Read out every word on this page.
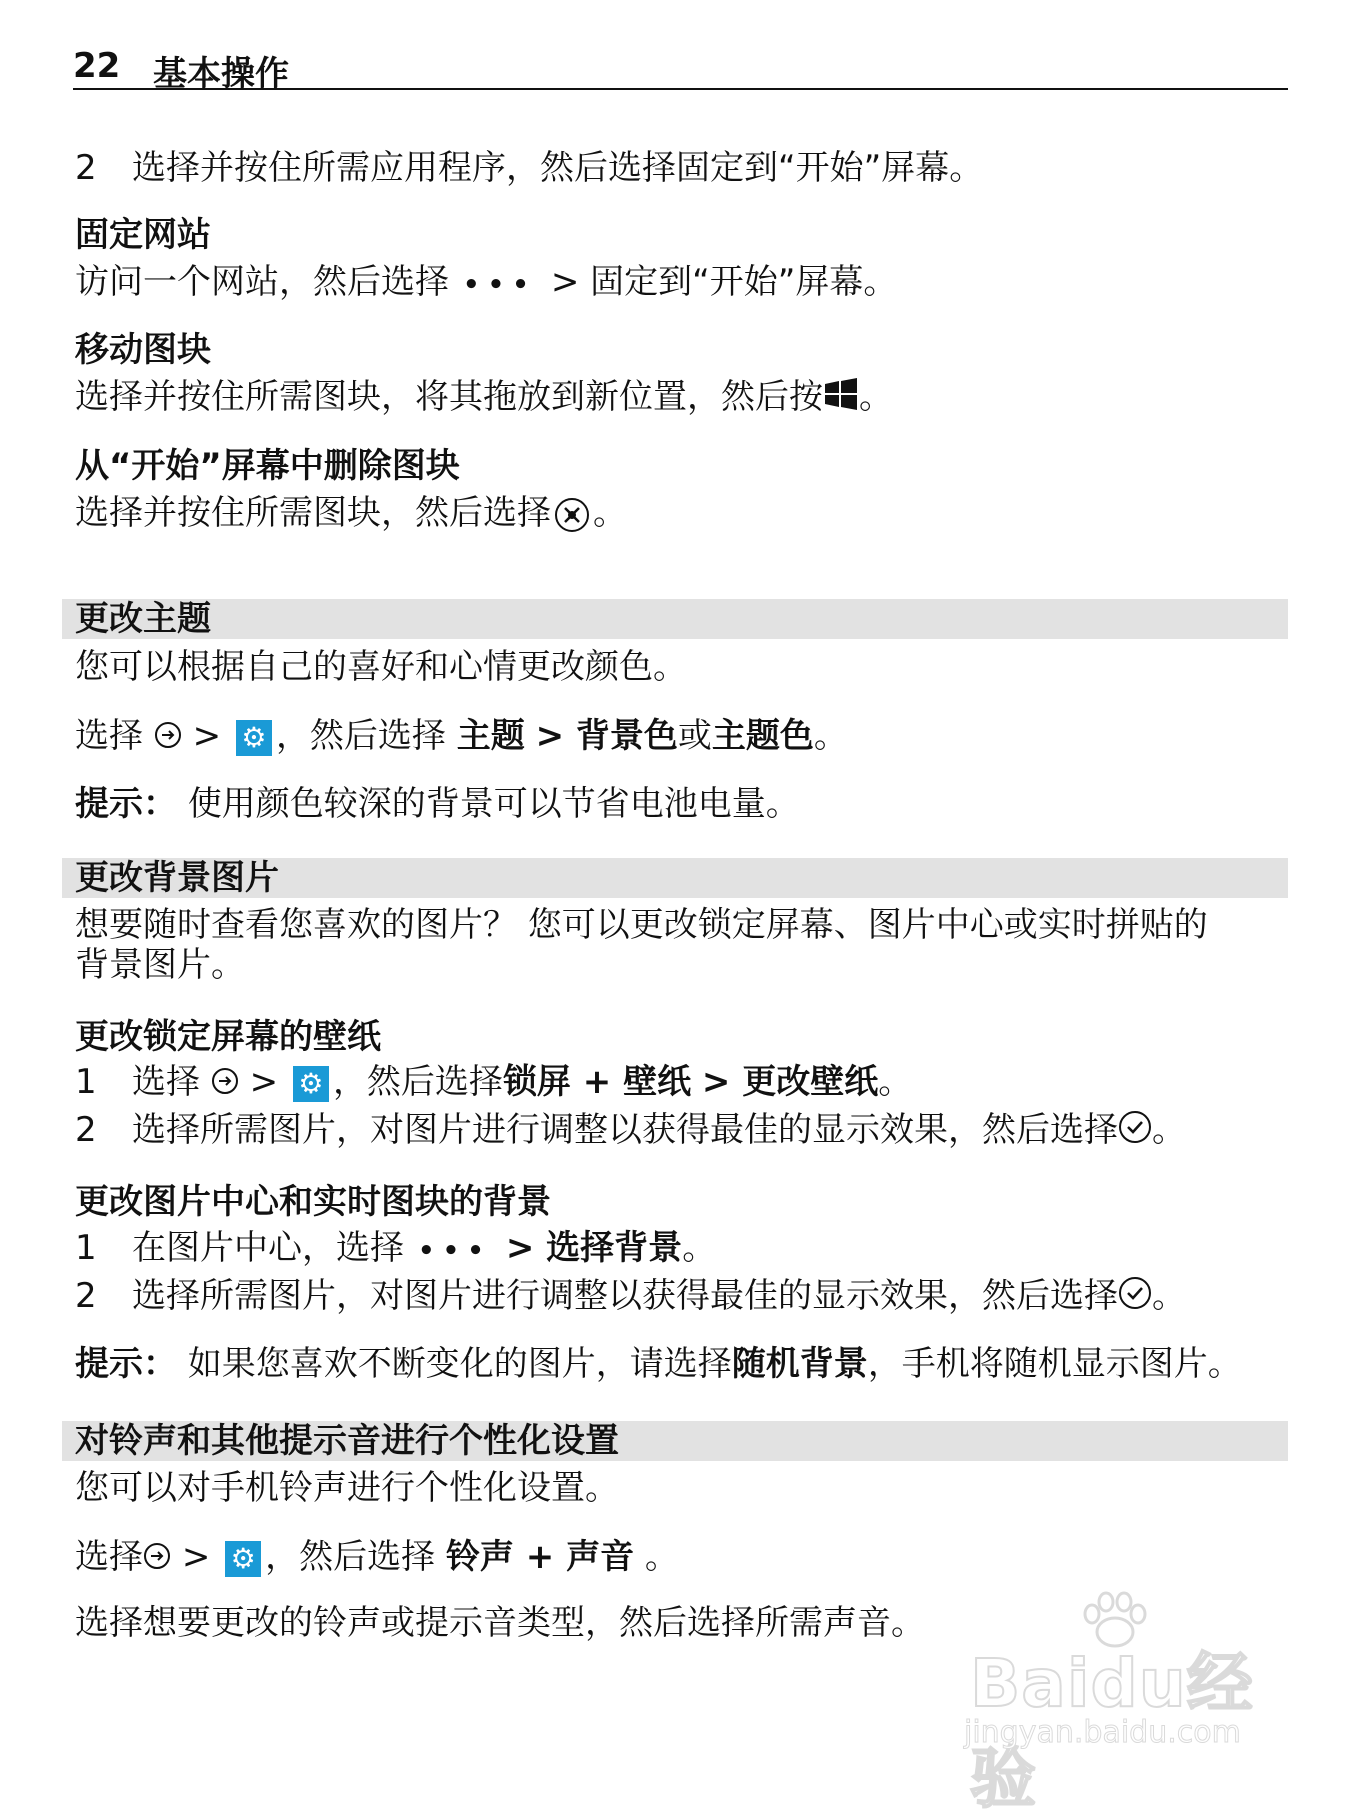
22 基本操作
2 选择并按住所需应用程序，然后选择固定到“开始”屏幕。
固定网站
访问一个网站，然后选择 ••• > 固定到“开始”屏幕。
移动图块
选择并按住所需图块，将其拖放到新位置，然后按 。
从“开始”屏幕中删除图块
选择并按住所需图块，然后选择 。
更改主题
您可以根据自己的喜好和心情更改颜色。
选择 > ⚙ ，然后选择 主题 > 背景色或主题色。
提示： 使用颜色较深的背景可以节省电池电量。
更改背景图片
想要随时查看您喜欢的图片？ 您可以更改锁定屏幕、图片中心或实时拼贴的
背景图片。
更改锁定屏幕的壁纸
1 选择 > ⚙ ，然后选择锁屏 + 壁纸 > 更改壁纸。
2 选择所需图片，对图片进行调整以获得最佳的显示效果，然后选择 。
更改图片中心和实时图块的背景
1 在图片中心，选择 ••• > 选择背景。
2 选择所需图片，对图片进行调整以获得最佳的显示效果，然后选择 。
提示： 如果您喜欢不断变化的图片，请选择随机背景，手机将随机显示图片。
对铃声和其他提示音进行个性化设置
您可以对手机铃声进行个性化设置。
选择 > ⚙ ，然后选择 铃声 + 声音 。
选择想要更改的铃声或提示音类型，然后选择所需声音。
Baidu经验
jingyan.baidu.com
